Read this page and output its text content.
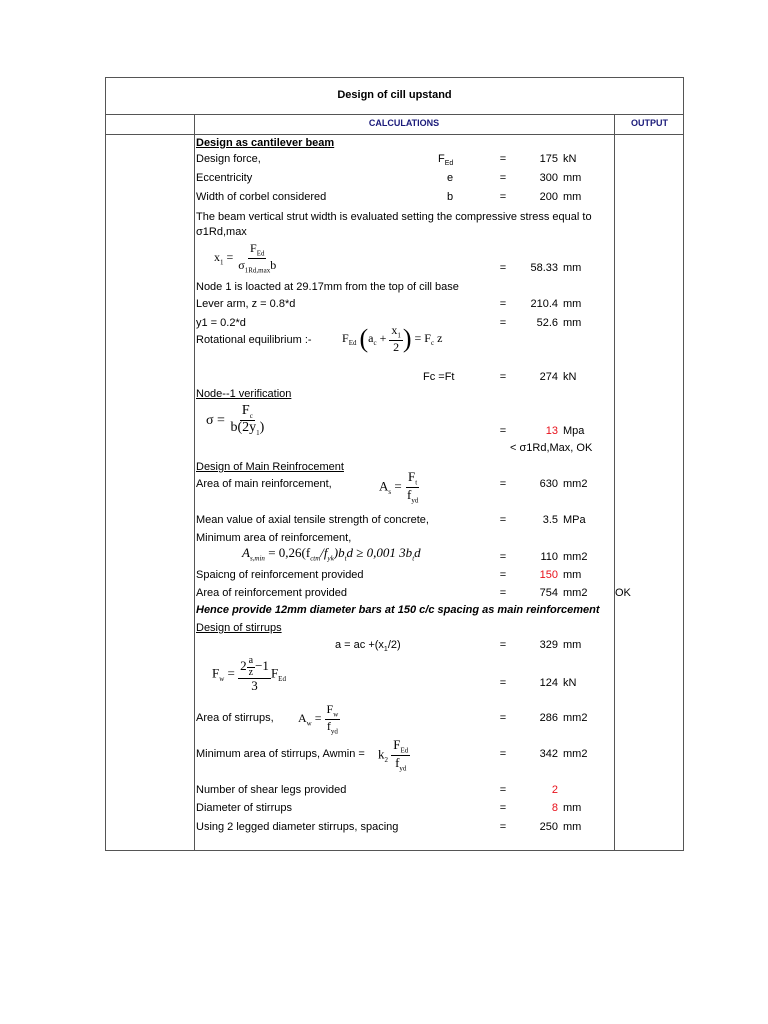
Design of cill upstand
CALCULATIONS	OUTPUT
Design as cantilever beam
Design force,	$F_{Ed}$	=	175 kN
Eccentricity	e	=	300 mm
Width of corbel considered	b	=	200 mm
The beam vertical strut width is evaluated setting the compressive stress equal to
σ1Rd,max
$x_1 = \frac{F_{Ed}}{\sigma_{1Rd,max}b}$	=	58.33 mm
Node 1 is loacted at 29.17mm from the top of cill base
Lever arm, z = 0.8*d	=	210.4 mm
y1 = 0.2*d	=	52.6 mm
Rotational equilibrium :-	$F_{Ed}$ ($a_c + \frac{x_1}{2}$ ) = $F_c$ z
Fc =Ft	=	274 kN
Node--1 verification
$\sigma = \frac{F_c}{b(2y_1)}$	=	13 Mpa
< σ1Rd,Max, OK
Design of Main Reinfrocement
Area of main reinforcement,	$A_s = \frac{F_t}{f_{yd}}$	=	630 mm2
Mean value of axial tensile strength of concrete,	=	3.5 MPa
Minimum area of reinforcement,
$A_{s,min} = 0,26(f_{ctm}/f_{yk})b_td \ge 0,001$ $3b_td$	=	110 mm2
Spaicng of reinforcement provided	=	150 mm
Area of reinforcement provided	=	754 mm2	OK
Hence provide 12mm diameter bars at 150 c/c spacing as main reinforcement
Design of stirrups
a = ac $+(x_1/2)$	=	329 mm
$F_w = \frac{2 \frac{a}{z} -1}{3} F_{Ed}$	=	124 kN
Area of stirrups, $A_w = \frac{F_w}{f_{yd}}$	=	286 mm2
Minimum area of stirrups, $Awmin = k_2 \frac{F_{Ed}}{f_{yd}}$	=	342 mm2
Number of shear legs provided	=	2
Diameter of stirrups	=	8 mm
Using 2 legged diameter stirrups, spacing	=	250 mm
